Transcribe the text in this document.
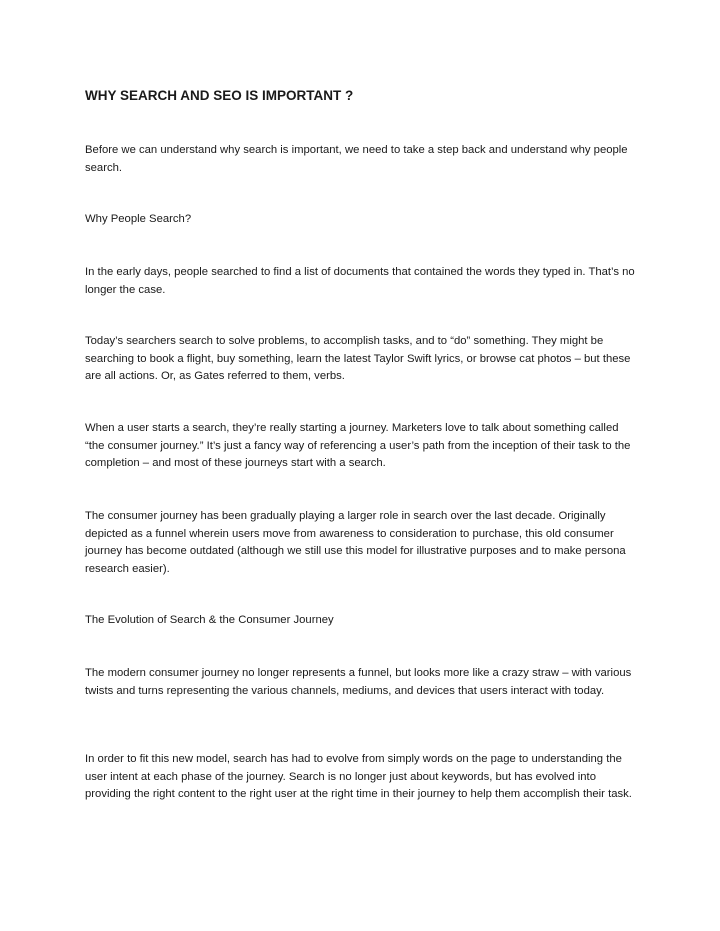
WHY SEARCH AND SEO IS IMPORTANT ?

Before we can understand why search is important, we need to take a step back and understand why people search.

Why People Search?

In the early days, people searched to find a list of documents that contained the words they typed in. That’s no longer the case.

Today’s searchers search to solve problems, to accomplish tasks, and to “do” something. They might be searching to book a flight, buy something, learn the latest Taylor Swift lyrics, or browse cat photos – but these are all actions. Or, as Gates referred to them, verbs.

When a user starts a search, they’re really starting a journey. Marketers love to talk about something called “the consumer journey.” It’s just a fancy way of referencing a user’s path from the inception of their task to the completion – and most of these journeys start with a search.

The consumer journey has been gradually playing a larger role in search over the last decade. Originally depicted as a funnel wherein users move from awareness to consideration to purchase, this old consumer journey has become outdated (although we still use this model for illustrative purposes and to make persona research easier).

The Evolution of Search & the Consumer Journey

The modern consumer journey no longer represents a funnel, but looks more like a crazy straw – with various twists and turns representing the various channels, mediums, and devices that users interact with today.

In order to fit this new model, search has had to evolve from simply words on the page to understanding the user intent at each phase of the journey. Search is no longer just about keywords, but has evolved into providing the right content to the right user at the right time in their journey to help them accomplish their task.
